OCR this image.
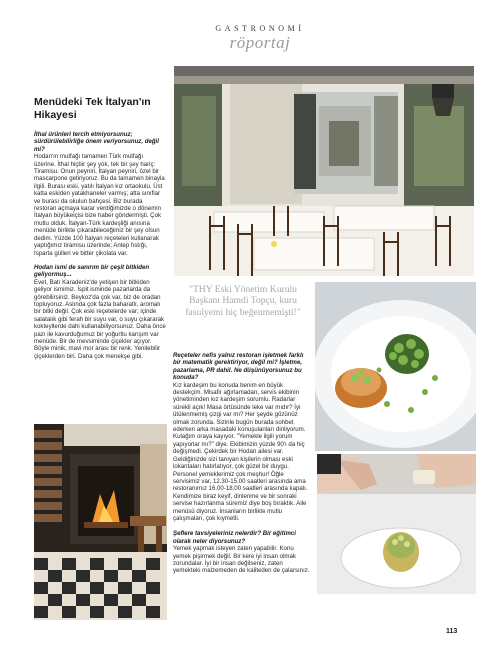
GASTRONOMİ
röportaj
Menüdeki Tek İtalyan'ın Hikayesi
İthal ürünleri tercih etmiyorsunuz; sürdürülebilirliğe önem veriyorsunuz, değil mi?
Hodan'ın mutfağı tamamen Türk mutfağı üzerine. İthal hiçbir şey yok, tek bir şey hariç: Tiramisu. Onun peyniri, İtalyan peyniri, özel bir mascarpone getiriyoruz. Bu da tamamen binayla ilgili. Burası eski, yatılı İtalyan kız ortaokulu. Üst katta eskiden yatakhaneler varmış; atta sınıflar ve burası da okulun bahçesi. Biz burada restoran açmaya karar verdiğimizde o dönemin İtalyan büyükelçisi bize haber göndermişti. Çok mutlu olduk. İtalyan-Türk kardeşliği anısına menüde birlikte çıkarabileceğimiz bir şey olsun dedim. Yüzde 100 İtalyan reçeteleri kullanarak yaptığımız tiramisu üzerinde; Antep fıstığı, Isparta gülleri ve bitter çikolata var.
Hodan ismi de sanırım bir çeşit bitkiden geliyormuş...
Evet, Batı Karadeniz'de yetişen bir bitkiden geliyor ismimiz. İspit isminde pazarlarda da görebilirsiniz. Beykoz'da çok var, biz de oradan topluyoruz. Aslında çok fazla baharatlı, aromalı bir bitki değil. Çok eski reçetelerde var; içinde salatalık gibi ferah bir suyu var, o suyu çıkararak kokteyllerde dahi kullanabiliyorsunuz. Daha önce pazı ile kavurduğumuz bir yoğurtlu karışım var menüde. Bir de mevsiminde çiçekler açıyor. Böyle minik, mavi mor arası bir renk. Yenilebilir çiçeklerden biri. Daha çok menekşe gibi.
"THY Eski Yönetim Kurulu Başkanı Hamdi Topçu, kuru fasulyemi hiç beğenmemişti!"
Reçeteler nefis yalnız restoran işletmek farklı bir matematik gerektiriyor, değil mi? İşletme, pazarlama, PR dahil. Ne düşünüyorsunuz bu konuda?
Kız kardeşim bu konuda benim en büyük destekçim. Misafir ağırlamadan, servis ekibinin yönetiminden kız kardeşim sorumlu. Radarlar sürekli açık! Masa örtüsünde leke var mıdır? İyi ütülenmemiş çizgi var mı? Her şeyde gözünüz olmak zorunda. Sizinle bugün burada sohbet ederken arka masadaki konuşulanları dinliyorum. Kulağım oraya kayıyor. "Yemekle ilgili yorum yapıyorlar mı?" diye. Ekibimizin yüzde 90'ı da hiç değişmedi. Çekirdek bir Hodan ailesi var. Geldiğinizde sizi tanıyan kişilerin olması eski lokantaları hatırlatıyor, çok güzel bir duygu. Personel yemeklerimiz çok meşhur! Öğle servisimiz var, 12.30-15.00 saatleri arasında ama restoranımız 16.00-18.00 saatleri arasında kapalı. Kendimize biraz keyif, dinlenme ve bir sonraki servise hazırlanma süremiz diye boş bıraktık. Aile menüsü diyoruz. İnsanların birlikte mutlu çalışmaları, çok kıymetli.
Şeflere tavsiyeleriniz nelerdir? Bir eğitimci olarak neler diyorsunuz?
Yemek yapmak isteyen zaten yapabilir. Konu yemek pişirmek değil. Bir kere iyi insan olmak zorundalar. İyi bir insan değilseniz, zaten yemekteki malzemeden de kaliteden de çalarsınız.
113
